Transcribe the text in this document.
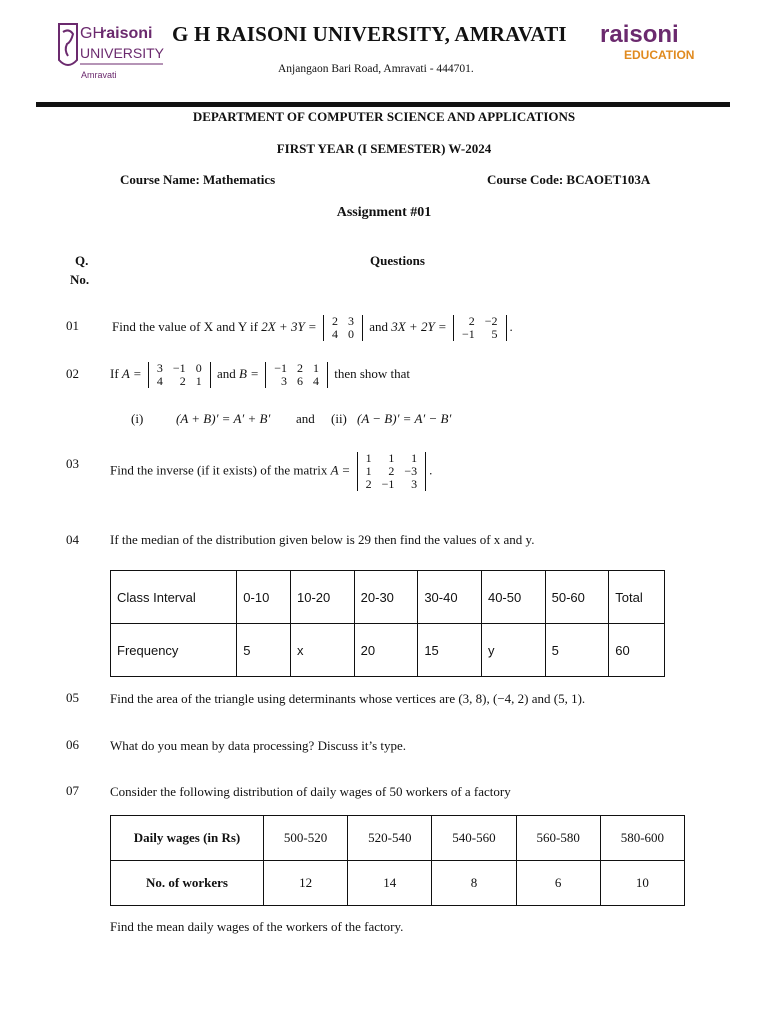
GH
raisoni
UNIVERSITY
Amravati
G H RAISONI UNIVERSITY, AMRAVATI raisoni
EDUCATION
Anjangaon Bari Road, Amravati - 444701.
DEPARTMENT OF COMPUTER SCIENCE AND APPLICATIONS
FIRST YEAR (I SEMESTER) W-2024
Course Name: Mathematics	Course Code: BCAOET103A
Assignment #01
Q.
No.
Questions
01	Find the value of X and Y if 2X + 3Y = 2	3
4	0
and 3X + 2Y = 2	−2
−1	5
.
02 If A = 3	−1	0
4	2	1
and B = −1	2	1
3	6	4
then show that
(i)	(A + B)′ = A′ + B′ and (ii) (A − B)′ = A′ − B′
03 Find the inverse (if it exists) of the matrix A =
1	1	1
1	2	−3
2	−1	3
.
04 If the median of the distribution given below is 29 then find the values of x and y.
Class Interval	0-10	10-20	20-30	30-40	40-50	50-60	Total
Frequency	5	x	20	15	y	5	60
05 Find the area of the triangle using determinants whose vertices are (3, 8), (−4, 2) and (5, 1).
06 What do you mean by data processing? Discuss it’s type.
07 Consider the following distribution of daily wages of 50 workers of a factory
Daily wages (in Rs)	500-520	520-540	540-560	560-580	580-600
No. of workers	12	14	8	6	10
Find the mean daily wages of the workers of the factory.
